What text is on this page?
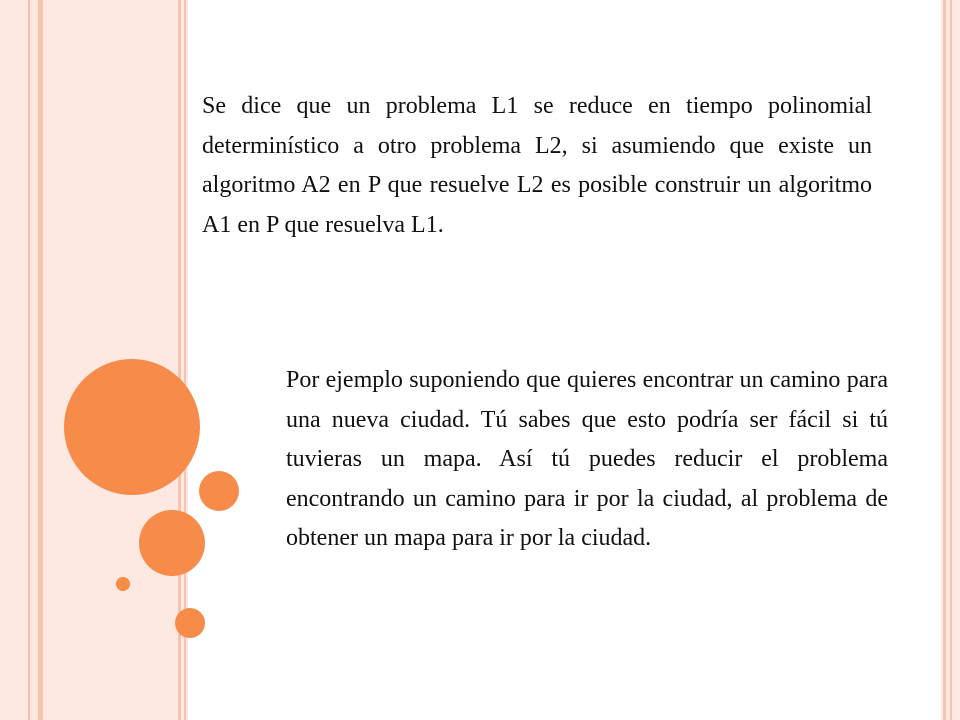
Se dice que un problema L1 se reduce en tiempo polinomial determinístico a otro problema L2, si asumiendo que existe un algoritmo A2 en P que resuelve L2 es posible construir un algoritmo A1 en P que resuelva L1.

Por ejemplo suponiendo que quieres encontrar un camino para una nueva ciudad. Tú sabes que esto podría ser fácil si tú tuvieras un mapa. Así tú puedes reducir el problema encontrando un camino para ir por la ciudad, al problema de obtener un mapa para ir por la ciudad.
